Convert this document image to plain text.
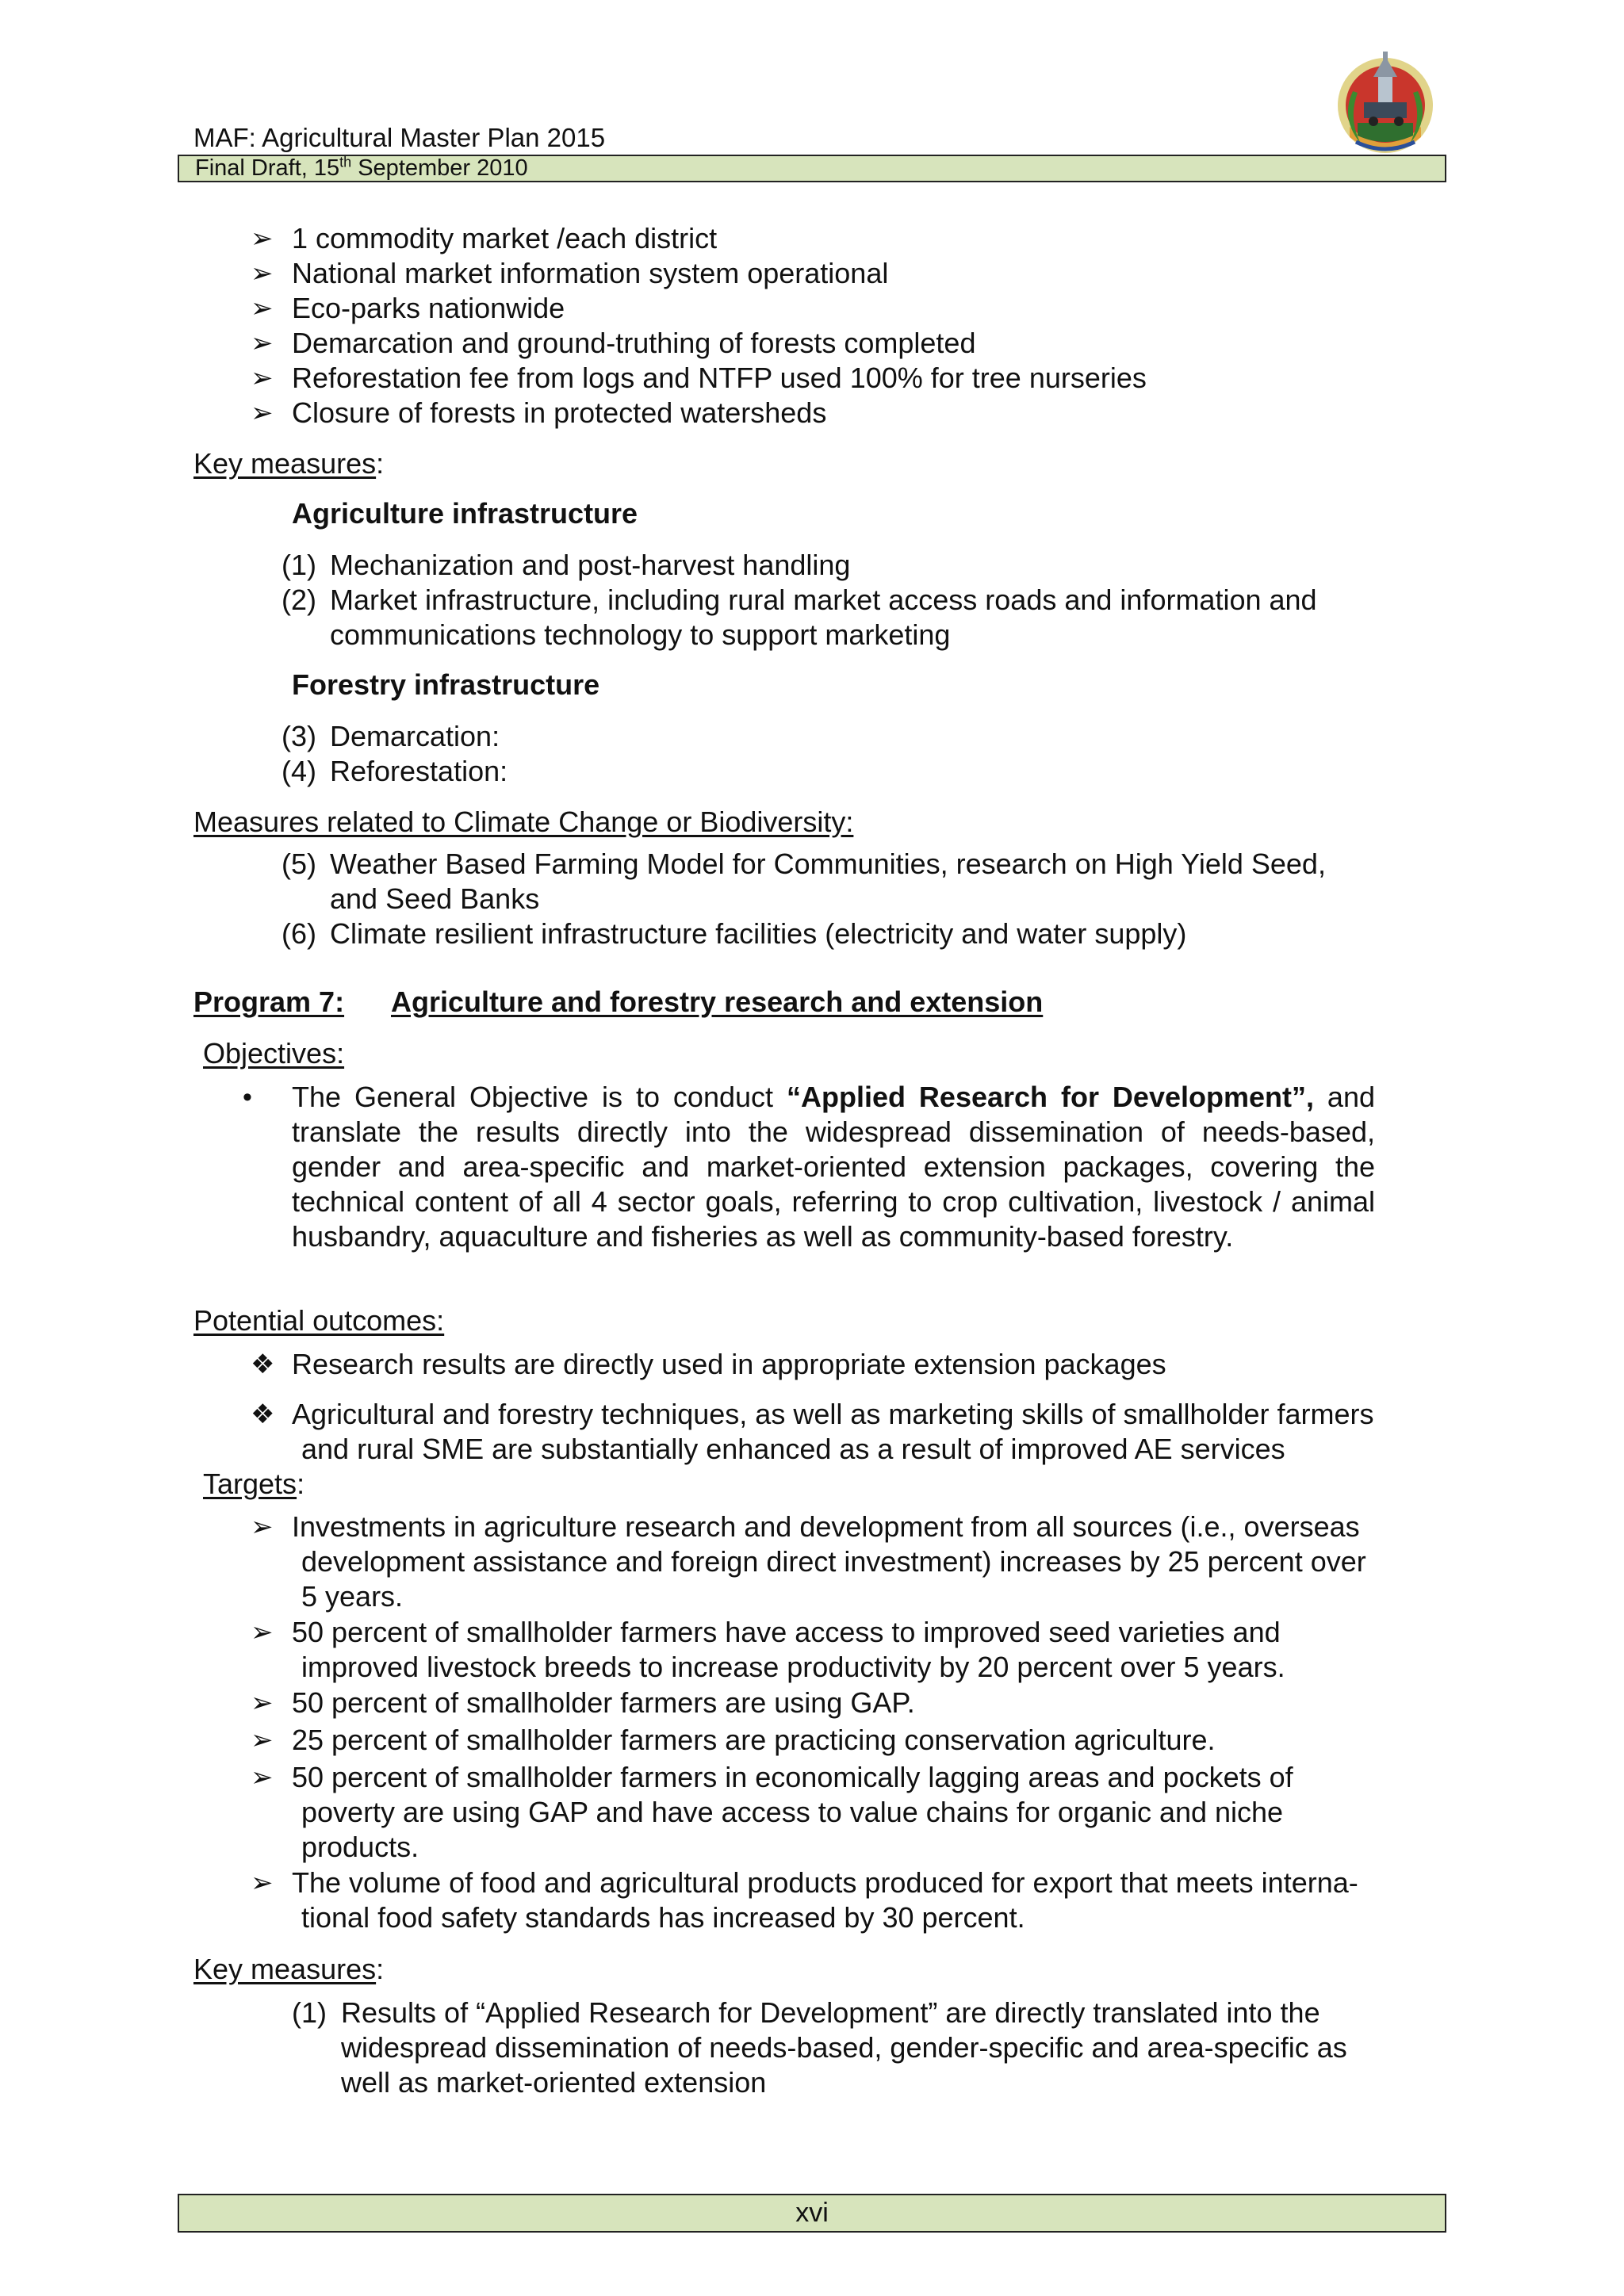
MAF: Agricultural Master Plan 2015
Final Draft, 15th September 2010
➢ 1 commodity market /each district
➢ National market information system operational
➢ Eco-parks nationwide
➢ Demarcation and ground-truthing of forests completed
➢ Reforestation fee from logs and NTFP used 100% for tree nurseries
➢ Closure of forests in protected watersheds
Key measures:
Agriculture infrastructure
(1) Mechanization and post-harvest handling
(2) Market infrastructure, including rural market access roads and information and
communications technology to support marketing
Forestry infrastructure
(3) Demarcation:
(4) Reforestation:
Measures related to Climate Change or Biodiversity:
(5) Weather Based Farming Model for Communities, research on High Yield Seed,
and Seed Banks
(6) Climate resilient infrastructure facilities (electricity and water supply)
Program 7: Agriculture and forestry research and extension
Objectives:
• The General Objective is to conduct “Applied Research for Development”, and translate the results directly into the widespread dissemination of needs-based, gender and area-specific and market-oriented extension packages, covering the technical content of all 4 sector goals, referring to crop cultivation, livestock / animal husbandry, aquaculture and fisheries as well as community-based forestry.
Potential outcomes:
❖ Research results are directly used in appropriate extension packages
❖ Agricultural and forestry techniques, as well as marketing skills of smallholder farmers
and rural SME are substantially enhanced as a result of improved AE services
Targets:
➢ Investments in agriculture research and development from all sources (i.e., overseas
development assistance and foreign direct investment) increases by 25 percent over
5 years.
➢ 50 percent of smallholder farmers have access to improved seed varieties and
improved livestock breeds to increase productivity by 20 percent over 5 years.
➢ 50 percent of smallholder farmers are using GAP.
➢ 25 percent of smallholder farmers are practicing conservation agriculture.
➢ 50 percent of smallholder farmers in economically lagging areas and pockets of
poverty are using GAP and have access to value chains for organic and niche
products.
➢ The volume of food and agricultural products produced for export that meets interna-
tional food safety standards has increased by 30 percent.
Key measures:
(1) Results of “Applied Research for Development” are directly translated into the
widespread dissemination of needs-based, gender-specific and area-specific as
well as market-oriented extension
xvi
